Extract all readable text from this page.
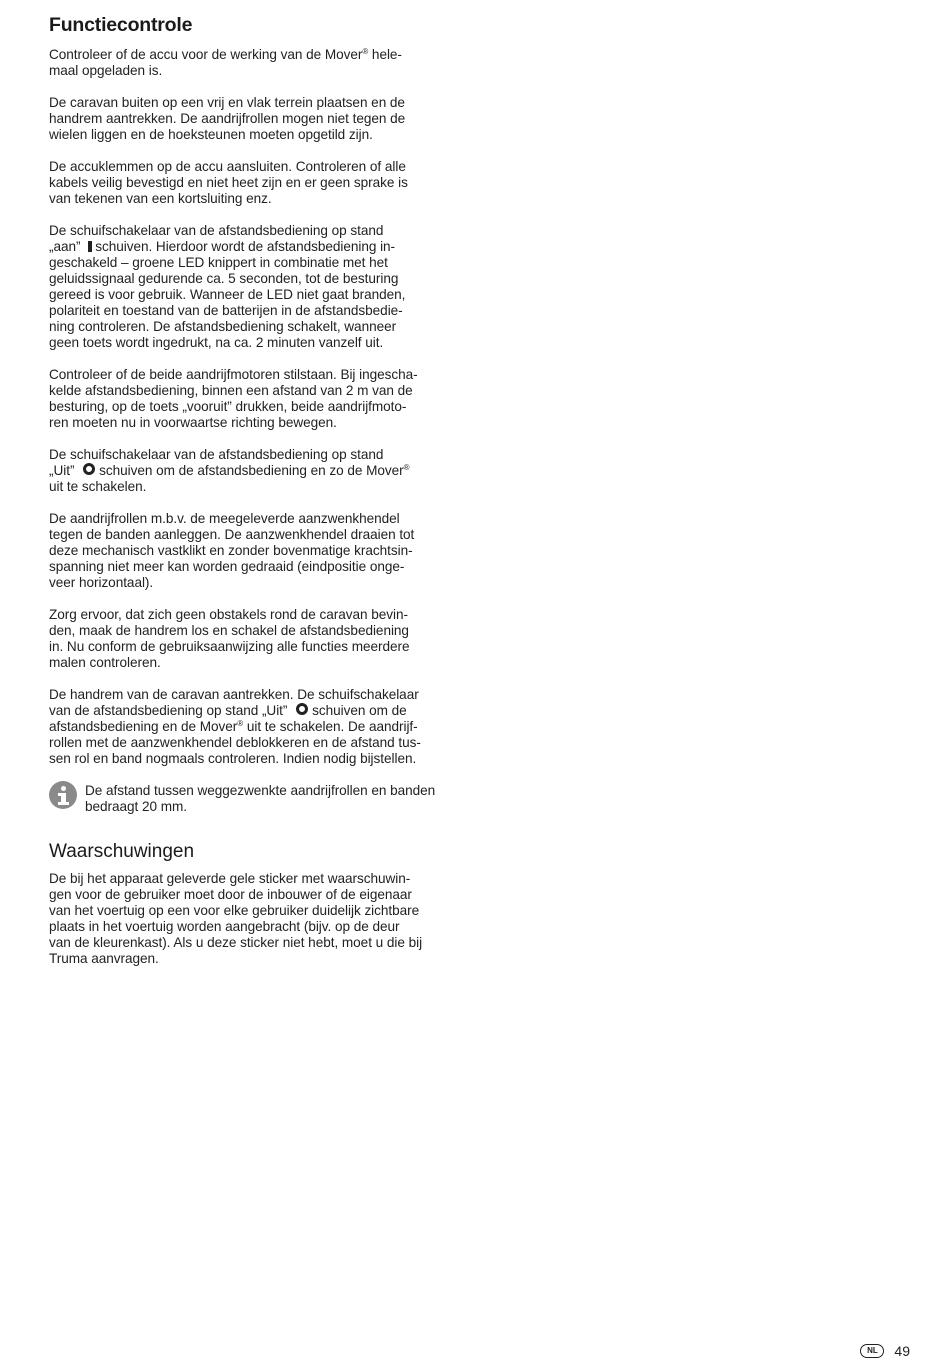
Functiecontrole

Controleer of de accu voor de werking van de Mover® hele-
maal opgeladen is.

De caravan buiten op een vrij en vlak terrein plaatsen en de
handrem aantrekken. De aandrijfrollen mogen niet tegen de
wielen liggen en de hoeksteunen moeten opgetild zijn.

De accuklemmen op de accu aansluiten. Controleren of alle
kabels veilig bevestigd en niet heet zijn en er geen sprake is
van tekenen van een kortsluiting enz.

De schuifschakelaar van de afstandsbediening op stand
„aan” schuiven. Hierdoor wordt de afstandsbediening in-
geschakeld – groene LED knippert in combinatie met het
geluidssignaal gedurende ca. 5 seconden, tot de besturing
gereed is voor gebruik. Wanneer de LED niet gaat branden,
polariteit en toestand van de batterijen in de afstandsbedie-
ning controleren. De afstandsbediening schakelt, wanneer
geen toets wordt ingedrukt, na ca. 2 minuten vanzelf uit.

Controleer of de beide aandrijfmotoren stilstaan. Bij ingescha-
kelde afstandsbediening, binnen een afstand van 2 m van de
besturing, op de toets „vooruit” drukken, beide aandrijfmoto-
ren moeten nu in voorwaartse richting bewegen.

De schuifschakelaar van de afstandsbediening op stand
„Uit” schuiven om de afstandsbediening en zo de Mover®
uit te schakelen.

De aandrijfrollen m.b.v. de meegeleverde aanzwenkhendel
tegen de banden aanleggen. De aanzwenkhendel draaien tot
deze mechanisch vastklikt en zonder bovenmatige krachtsin-
spanning niet meer kan worden gedraaid (eindpositie onge-
veer horizontaal).

Zorg ervoor, dat zich geen obstakels rond de caravan bevin-
den, maak de handrem los en schakel de afstandsbediening
in. Nu conform de gebruiksaanwijzing alle functies meerdere
malen controleren.

De handrem van de caravan aantrekken. De schuifschakelaar
van de afstandsbediening op stand „Uit” schuiven om de
afstandsbediening en de Mover® uit te schakelen. De aandrijf-
rollen met de aanzwenkhendel deblokkeren en de afstand tus-
sen rol en band nogmaals controleren. Indien nodig bijstellen.

De afstand tussen weggezwenkte aandrijfrollen en banden
bedraagt 20 mm.

Waarschuwingen

De bij het apparaat geleverde gele sticker met waarschuwin-
gen voor de gebruiker moet door de inbouwer of de eigenaar
van het voertuig op een voor elke gebruiker duidelijk zichtbare
plaats in het voertuig worden aangebracht (bijv. op de deur
van de kleurenkast). Als u deze sticker niet hebt, moet u die bij
Truma aanvragen.

NL	49
